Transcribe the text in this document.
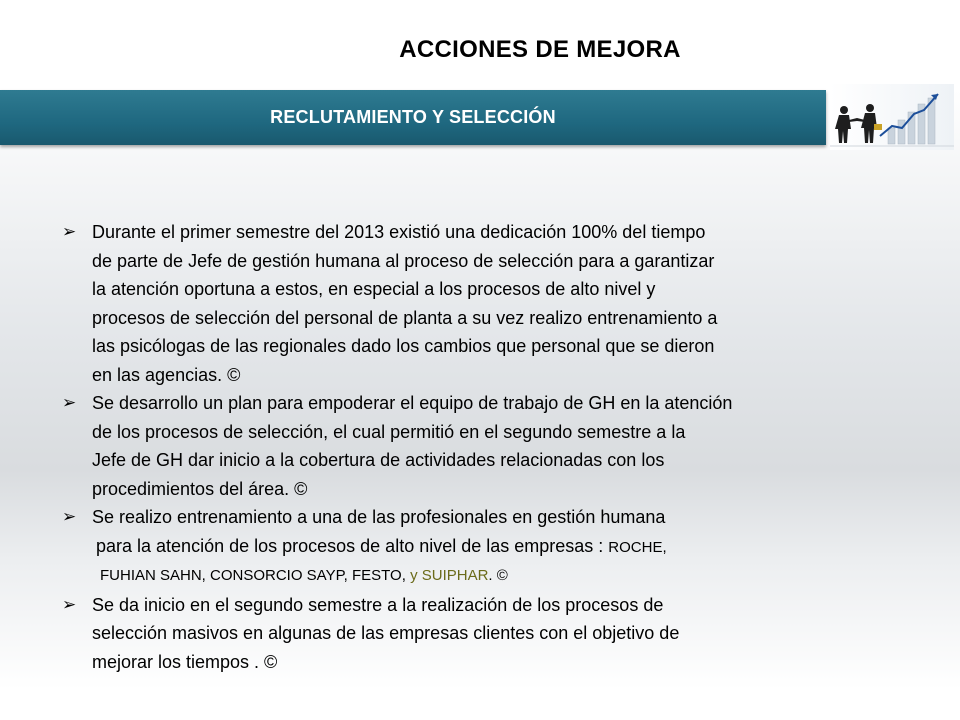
ACCIONES DE MEJORA
RECLUTAMIENTO Y SELECCIÓN
➢ Durante el primer semestre del 2013 existió una dedicación 100% del tiempo
de parte de Jefe de gestión humana al proceso de selección para a garantizar
la atención oportuna a estos, en especial a los procesos de alto nivel y
procesos de selección del personal de planta a su vez realizo entrenamiento a
las psicólogas de las regionales dado los cambios que personal que se dieron
en las agencias. ©
➢ Se desarrollo un plan para empoderar el equipo de trabajo de GH en la atención
de los procesos de selección, el cual permitió en el segundo semestre a la
Jefe de GH dar inicio a la cobertura de actividades relacionadas con los
procedimientos del área. ©
➢ Se realizo entrenamiento a una de las profesionales en gestión humana
para la atención de los procesos de alto nivel de las empresas : ROCHE,
FUHIAN SAHN, CONSORCIO SAYP, FESTO, y SUIPHAR. ©
➢ Se da inicio en el segundo semestre a la realización de los procesos de
selección masivos en algunas de las empresas clientes con el objetivo de
mejorar los tiempos . ©
